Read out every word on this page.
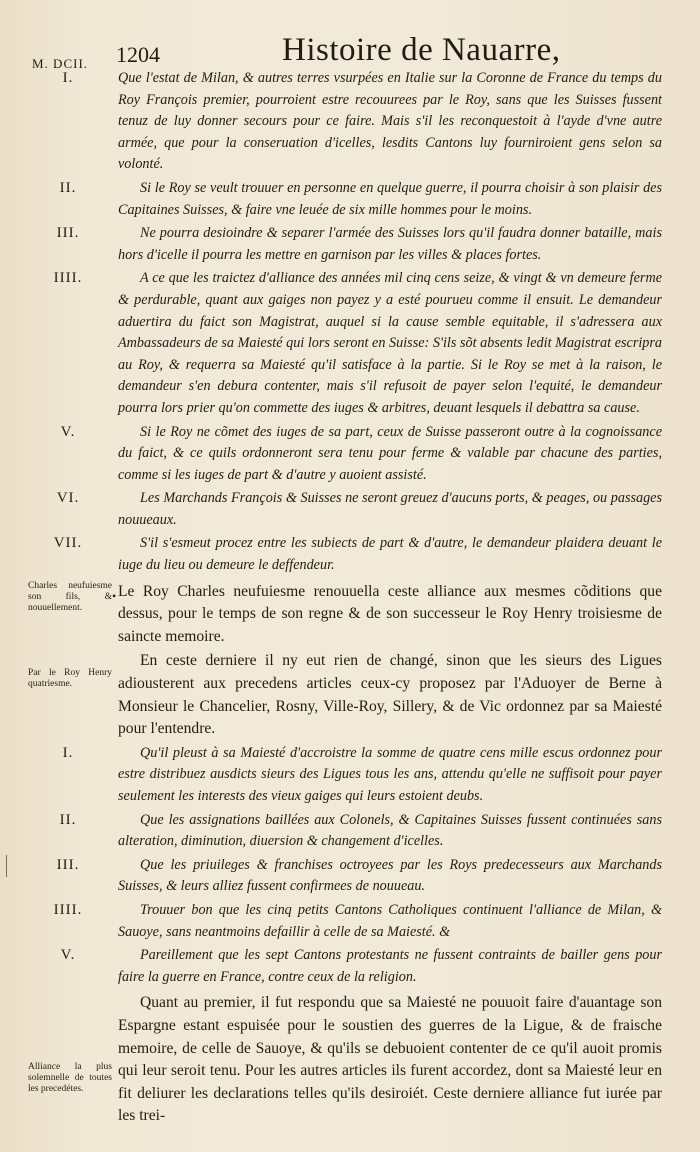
M. DCII. 1204	Histoire de Nauarre,
I.	Que l'estat de Milan, & autres terres vsurpées en Italie sur la Coronne de France du temps du Roy François premier, pourroient estre recouurees par le Roy, sans que les Suisses fussent tenuz de luy donner secours pour ce faire. Mais s'il les reconquestoit à l'ayde d'vne autre armée, que pour la conseruation d'icelles, lesdits Cantons luy fourniroient gens selon sa volonté.
II.	Si le Roy se veult trouuer en personne en quelque guerre, il pourra choisir à son plaisir des Capitaines Suisses, & faire vne leuée de six mille hommes pour le moins.
III.	Ne pourra desioindre & separer l'armée des Suisses lors qu'il faudra donner bataille, mais hors d'icelle il pourra les mettre en garnison par les villes & places fortes.
IIII.	A ce que les traictez d'alliance des années mil cinq cens seize, & vingt & vn demeure ferme & perdurable, quant aux gaiges non payez y a esté pourueu comme il ensuit. Le demandeur aduertira du faict son Magistrat, auquel si la cause semble equitable, il s'adressera aux Ambassadeurs de sa Maiesté qui lors seront en Suisse: S'ils sõt absents ledit Magistrat escripra au Roy, & requerra sa Maiesté qu'il satisface à la partie. Si le Roy se met à la raison, le demandeur s'en debura contenter, mais s'il refusoit de payer selon l'equité, le demandeur pourra lors prier qu'on commette des iuges & arbitres, deuant lesquels il debattra sa cause.
V.	Si le Roy ne cõmet des iuges de sa part, ceux de Suisse passeront outre à la cognoissance du faict, & ce quils ordonneront sera tenu pour ferme & valable par chacune des parties, comme si les iuges de part & d'autre y auoient assisté.
VI.	Les Marchands François & Suisses ne seront greuez d'aucuns ports, & peages, ou passages nouueaux.
VII.	S'il s'esmeut procez entre les subiects de part & d'autre, le demandeur plaidera deuant le iuge du lieu ou demeure le deffendeur.
Charles neufuiesme son fils, & nouuellement.
• Le Roy Charles neufuiesme renouuella ceste alliance aux mesmes cõditions que dessus, pour le temps de son regne & de son successeur le Roy Henry troisiesme de saincte memoire.
Par le Roy Henry quatriesme.
En ceste derniere il ny eut rien de changé, sinon que les sieurs des Ligues adiousterent aux precedens articles ceux-cy proposez par l'Aduoyer de Berne à Monsieur le Chancelier, Rosny, Ville-Roy, Sillery, & de Vic ordonnez par sa Maiesté pour l'entendre.
I.	Qu'il pleust à sa Maiesté d'accroistre la somme de quatre cens mille escus ordonnez pour estre distribuez ausdicts sieurs des Ligues tous les ans, attendu qu'elle ne suffisoit pour payer seulement les interests des vieux gaiges qui leurs estoient deubs.
II.	Que les assignations baillées aux Colonels, & Capitaines Suisses fussent continuées sans alteration, diminution, diuersion & changement d'icelles.
III.	Que les priuileges & franchises octroyees par les Roys predecesseurs aux Marchands Suisses, & leurs alliez fussent confirmees de nouueau.
IIII.	Trouuer bon que les cinq petits Cantons Catholiques continuent l'alliance de Milan, & Sauoye, sans neantmoins defaillir à celle de sa Maiesté. &
V.	Pareillement que les sept Cantons protestants ne fussent contraints de bailler gens pour faire la guerre en France, contre ceux de la religion.
Alliance la plus solemnelle de toutes les precedétes.
Quant au premier, il fut respondu que sa Maiesté ne pouuoit faire d'auantage son Espargne estant espuisée pour le soustien des guerres de la Ligue, & de fraische memoire, de celle de Sauoye, & qu'ils se debuoient contenter de ce qu'il auoit promis qui leur seroit tenu. Pour les autres articles ils furent accordez, dont sa Maiesté leur en fit deliurer les declarations telles qu'ils desiroiét. Ceste derniere alliance fut iurée par les trei-
